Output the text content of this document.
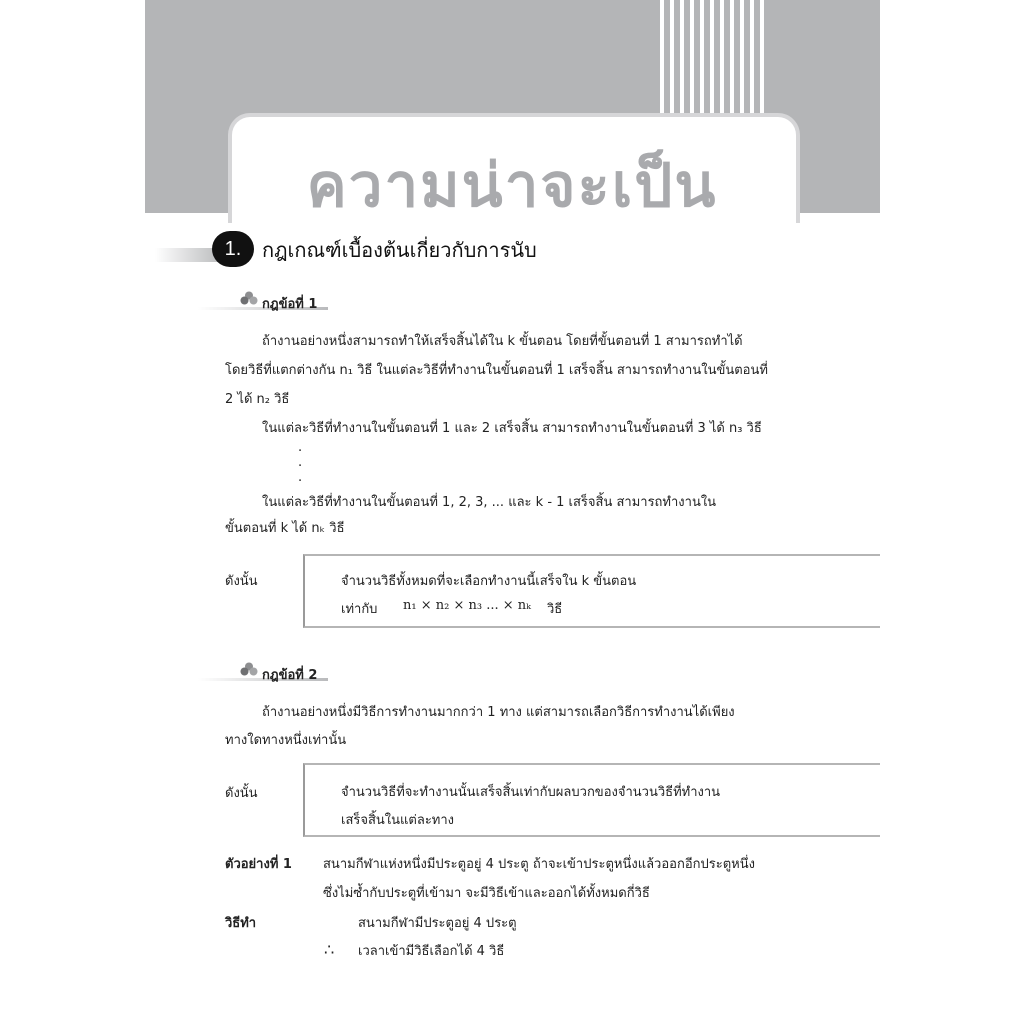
ความน่าจะเป็น
1.	กฎเกณฑ์เบื้องต้นเกี่ยวกับการนับ
กฎข้อที่ 1
ถ้างานอย่างหนึ่งสามารถทำให้เสร็จสิ้นได้ใน k ขั้นตอน โดยที่ขั้นตอนที่ 1 สามารถทำได้
โดยวิธีที่แตกต่างกัน n₁ วิธี ในแต่ละวิธีที่ทำงานในขั้นตอนที่ 1 เสร็จสิ้น สามารถทำงานในขั้นตอนที่
2 ได้ n₂ วิธี
ในแต่ละวิธีที่ทำงานในขั้นตอนที่ 1 และ 2 เสร็จสิ้น สามารถทำงานในขั้นตอนที่ 3 ได้ n₃ วิธี
. . .
ในแต่ละวิธีที่ทำงานในขั้นตอนที่ 1, 2, 3, ... และ k - 1 เสร็จสิ้น สามารถทำงานใน
ขั้นตอนที่ k ได้ nₖ วิธี
ดังนั้น	จำนวนวิธีทั้งหมดที่จะเลือกทำงานนี้เสร็จใน k ขั้นตอน
เท่ากับ n₁ × n₂ × n₃ ... × nₖ วิธี
กฎข้อที่ 2
ถ้างานอย่างหนึ่งมีวิธีการทำงานมากกว่า 1 ทาง แต่สามารถเลือกวิธีการทำงานได้เพียง
ทางใดทางหนึ่งเท่านั้น
ดังนั้น	จำนวนวิธีที่จะทำงานนั้นเสร็จสิ้นเท่ากับผลบวกของจำนวนวิธีที่ทำงาน
เสร็จสิ้นในแต่ละทาง
ตัวอย่างที่ 1 สนามกีฬาแห่งหนึ่งมีประตูอยู่ 4 ประตู ถ้าจะเข้าประตูหนึ่งแล้วออกอีกประตูหนึ่ง
ซึ่งไม่ซ้ำกับประตูที่เข้ามา จะมีวิธีเข้าและออกได้ทั้งหมดกี่วิธี
วิธีทำ	สนามกีฬามีประตูอยู่ 4 ประตู
∴ เวลาเข้ามีวิธีเลือกได้ 4 วิธี
